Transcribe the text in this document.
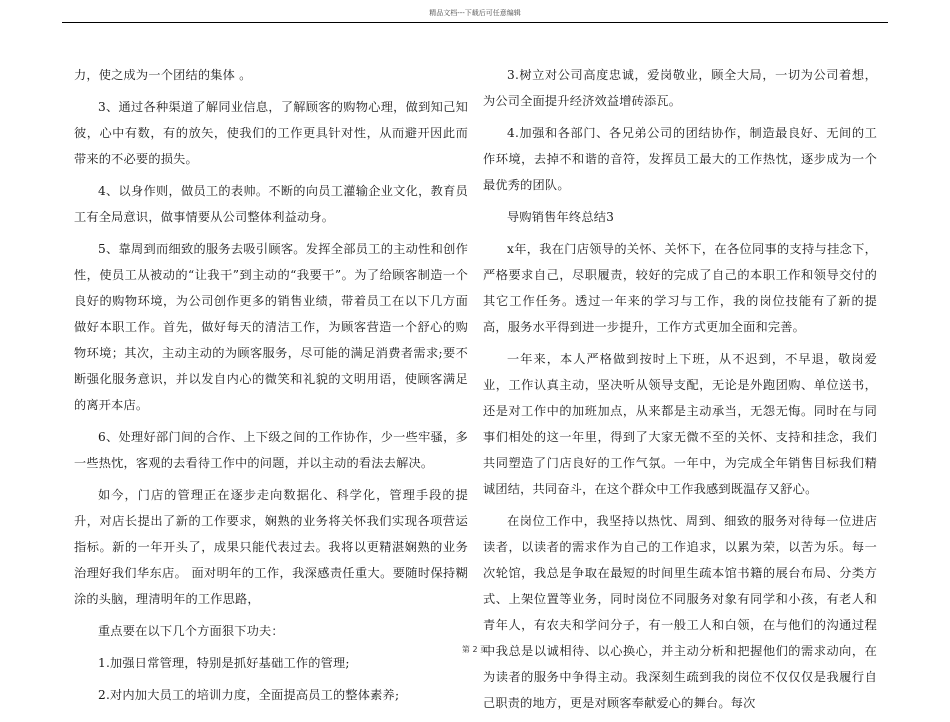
精品文档---下载后可任意编辑

力，使之成为一个团结的集体 。

3、通过各种渠道了解同业信息，了解顾客的购物心理，做到知己知彼，心中有数，有的放矢，使我们的工作更具针对性，从而避开因此而带来的不必要的损失。

4、以身作则，做员工的表帅。不断的向员工灌输企业文化，教育员工有全局意识，做事情要从公司整体利益动身。

5、靠周到而细致的服务去吸引顾客。发挥全部员工的主动性和创作性，使员工从被动的“让我干”到主动的“我要干”。为了给顾客制造一个良好的购物环境，为公司创作更多的销售业绩，带着员工在以下几方面做好本职工作。首先，做好每天的清洁工作，为顾客营造一个舒心的购物环境；其次，主动主动的为顾客服务，尽可能的满足消费者需求;要不断强化服务意识，并以发自内心的微笑和礼貌的文明用语，使顾客满足的离开本店。

6、处理好部门间的合作、上下级之间的工作协作，少一些牢骚，多一些热忱，客观的去看待工作中的问题，并以主动的看法去解决。

如今，门店的管理正在逐步走向数据化、科学化，管理手段的提升，对店长提出了新的工作要求，娴熟的业务将关怀我们实现各项营运指标。新的一年开头了，成果只能代表过去。我将以更精湛娴熟的业务治理好我们华东店。 面对明年的工作，我深感责任重大。要随时保持糊涂的头脑，理清明年的工作思路，

重点要在以下几个方面狠下功夫：

1.加强日常管理，特别是抓好基础工作的管理;

2.对内加大员工的培训力度，全面提高员工的整体素养;

3.树立对公司高度忠诚，爱岗敬业，顾全大局，一切为公司着想，为公司全面提升经济效益增砖添瓦。

4.加强和各部门、各兄弟公司的团结协作，制造最良好、无间的工作环境，去掉不和谐的音符，发挥员工最大的工作热忱，逐步成为一个最优秀的团队。

导购销售年终总结3

x年，我在门店领导的关怀、关怀下，在各位同事的支持与挂念下，严格要求自己，尽职履责，较好的完成了自己的本职工作和领导交付的其它工作任务。透过一年来的学习与工作，我的岗位技能有了新的提高，服务水平得到进一步提升，工作方式更加全面和完善。

一年来，本人严格做到按时上下班，从不迟到，不早退，敬岗爱业，工作认真主动，坚决听从领导支配，无论是外跑团购、单位送书，还是对工作中的加班加点，从来都是主动承当，无怨无悔。同时在与同事们相处的这一年里，得到了大家无微不至的关怀、支持和挂念，我们共同塑造了门店良好的工作气氛。一年中，为完成全年销售目标我们精诚团结，共同奋斗，在这个群众中工作我感到既温存又舒心。

在岗位工作中，我坚持以热忱、周到、细致的服务对待每一位进店读者，以读者的需求作为自己的工作追求，以累为荣，以苦为乐。每一次轮馆，我总是争取在最短的时间里生疏本馆书籍的展台布局、分类方式、上架位置等业务，同时岗位不同服务对象有同学和小孩，有老人和青年人，有农夫和学问分子，有一般工人和白领，在与他们的沟通过程中我总是以诚相待、以心换心，并主动分析和把握他们的需求动向，在为读者的服务中争得主动。我深刻生疏到我的岗位不仅仅仅是我履行自己职责的地方，更是对顾客奉献爱心的舞台。每次

第 2 页
